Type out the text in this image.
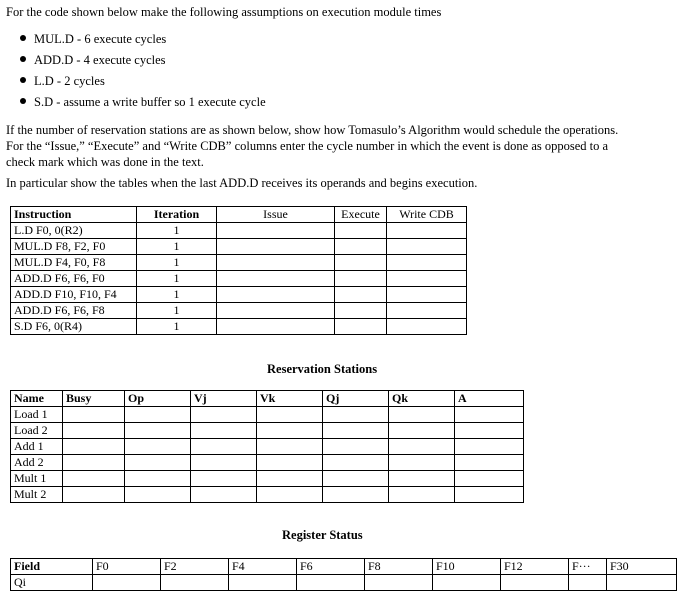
For the code shown below make the following assumptions on execution module times

MUL.D - 6 execute cycles
ADD.D - 4 execute cycles
L.D - 2 cycles
S.D - assume a write buffer so 1 execute cycle

If the number of reservation stations are as shown below, show how Tomasulo’s Algorithm would schedule the operations.

For the “Issue,” “Execute” and “Write CDB” columns enter the cycle number in which the event is done as opposed to a

check mark which was done in the text.

In particular show the tables when the last ADD.D receives its operands and begins execution.

Instruction	Iteration	Issue	Execute	Write CDB
L.D F0, 0(R2)	1			
MUL.D F8, F2, F0	1			
MUL.D F4, F0, F8	1			
ADD.D F6, F6, F0	1			
ADD.D F10, F10, F4	1			
ADD.D F6, F6, F8	1			
S.D F6, 0(R4)	1			
Reservation Stations
Name	Busy	Op	Vj	Vk	Qj	Qk	A
Load 1							
Load 2							
Add 1							
Add 2							
Mult 1							
Mult 2							
Register Status
Field	F0	F2	F4	F6	F8	F10	F12	F···	F30
Qi									
